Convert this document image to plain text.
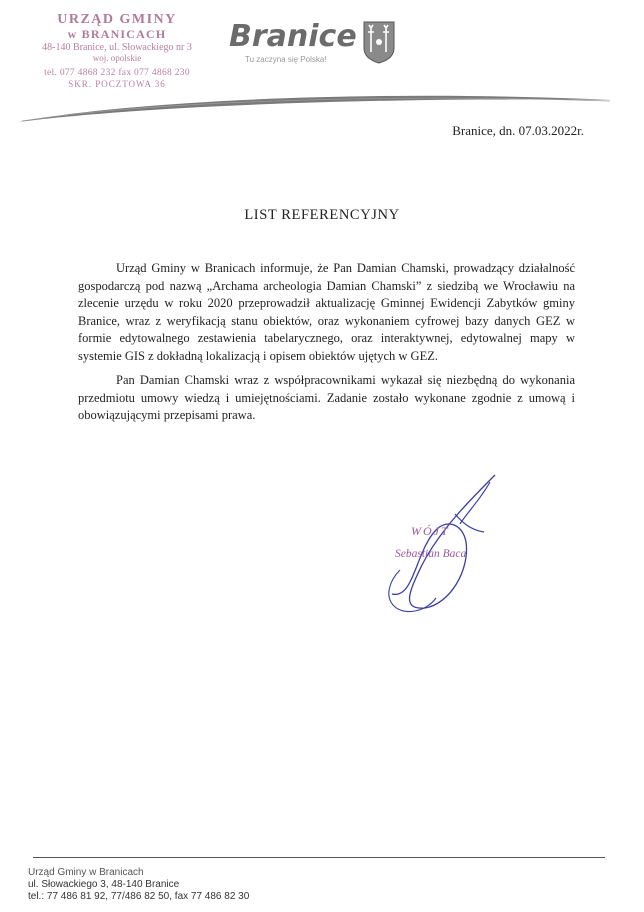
URZĄD GMINY
w BRANICACH
48-140 Branice, ul. Słowackiego nr 3
woj. opolskie
tel. 077 4868 232 fax 077 4868 230
SKR. POCZTOWA 36
Branice
Tu zaczyna się Polska!
Branice, dn. 07.03.2022r.
LIST REFERENCYJNY

Urząd Gminy w Branicach informuje, że Pan Damian Chamski, prowadzący działalność gospodarczą pod nazwą „Archama archeologia Damian Chamski” z siedzibą we Wrocławiu na zlecenie urzędu w roku 2020 przeprowadził aktualizację Gminnej Ewidencji Zabytków gminy Branice, wraz z weryfikacją stanu obiektów, oraz wykonaniem cyfrowej bazy danych GEZ w formie edytowalnego zestawienia tabelarycznego, oraz interaktywnej, edytowalnej mapy w systemie GIS z dokładną lokalizacją i opisem obiektów ujętych w GEZ.

Pan Damian Chamski wraz z współpracownikami wykazał się niezbędną do wykonania przedmiotu umowy wiedzą i umiejętnościami. Zadanie zostało wykonane zgodnie z umową i obowiązującymi przepisami prawa.

WÓJT
Sebastian Baca
Urząd Gminy w Branicach
ul. Słowackiego 3, 48-140 Branice
tel.: 77 486 81 92, 77/486 82 50, fax 77 486 82 30
